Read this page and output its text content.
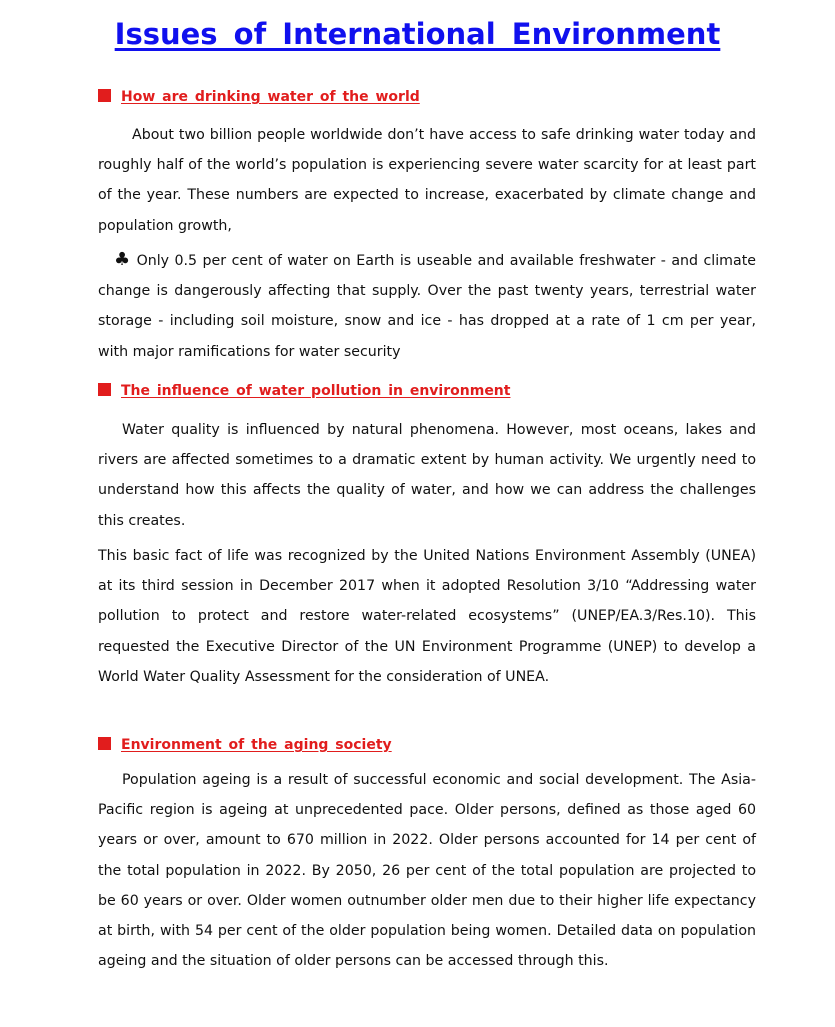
Issues of International Environment
How are drinking water of the world

About two billion people worldwide don’t have access to safe drinking water today and roughly half of the world’s population is experiencing severe water scarcity for at least part of the year. These numbers are expected to increase, exacerbated by climate change and population growth,

♣ Only 0.5 per cent of water on Earth is useable and available freshwater - and climate change is dangerously affecting that supply. Over the past twenty years, terrestrial water storage - including soil moisture, snow and ice - has dropped at a rate of 1 cm per year, with major ramifications for water security

The influence of water pollution in environment

Water quality is influenced by natural phenomena. However, most oceans, lakes and rivers are affected sometimes to a dramatic extent by human activity. We urgently need to understand how this affects the quality of water, and how we can address the challenges this creates.

This basic fact of life was recognized by the United Nations Environment Assembly (UNEA) at its third session in December 2017 when it adopted Resolution 3/10 “Addressing water pollution to protect and restore water-related ecosystems” (UNEP/EA.3/Res.10). This requested the Executive Director of the UN Environment Programme (UNEP) to develop a World Water Quality Assessment for the consideration of UNEA.

Environment of the aging society

Population ageing is a result of successful economic and social development. The Asia-Pacific region is ageing at unprecedented pace. Older persons, defined as those aged 60 years or over, amount to 670 million in 2022. Older persons accounted for 14 per cent of the total population in 2022. By 2050, 26 per cent of the total population are projected to be 60 years or over. Older women outnumber older men due to their higher life expectancy at birth, with 54 per cent of the older population being women. Detailed data on population ageing and the situation of older persons can be accessed through this.
